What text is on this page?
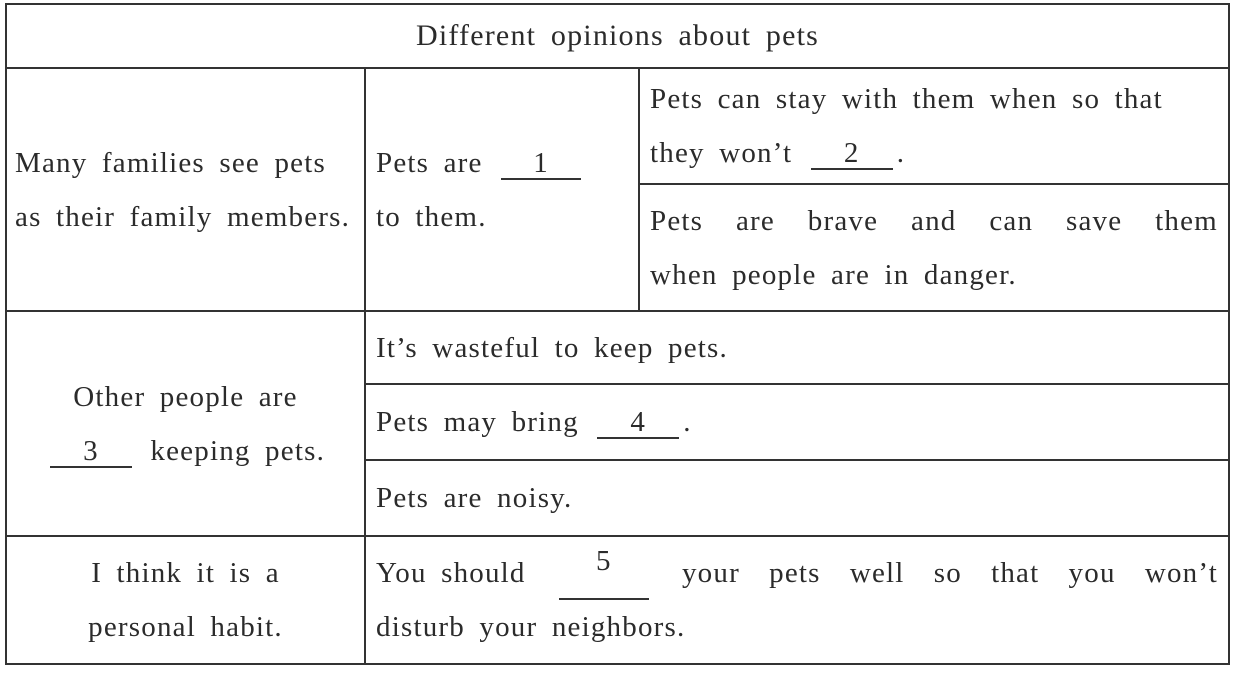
Different opinions about pets
Many families see pets
as their family members.
Pets are 1
to them.
Pets can stay with them when so that
they won’t 2 .
Pets are brave and can save them
when people are in danger.
Other people are
3 keeping pets.
It’s wasteful to keep pets.
Pets may bring 4 .
Pets are noisy.
I think it is a
personal habit.
You should	5	your pets well so that you won’t
disturb your neighbors.
